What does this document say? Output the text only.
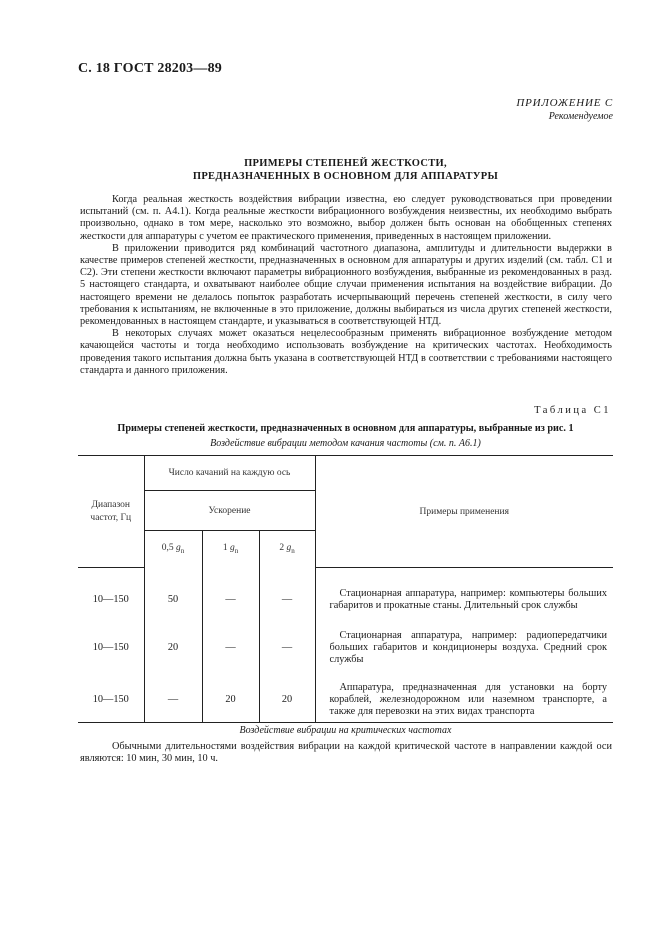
С. 18 ГОСТ 28203—89
ПРИЛОЖЕНИЕ С
Рекомендуемое
ПРИМЕРЫ СТЕПЕНЕЙ ЖЕСТКОСТИ,
ПРЕДНАЗНАЧЕННЫХ В ОСНОВНОМ ДЛЯ АППАРАТУРЫ

Когда реальная жесткость воздействия вибрации известна, ею следует руководствоваться при проведении испытаний (см. п. А4.1). Когда реальные жесткости вибрационного возбуждения неизвестны, их необходимо выбрать произвольно, однако в том мере, насколько это возможно, выбор должен быть основан на обобщенных степенях жесткости для аппаратуры с учетом ее практического применения, приведенных в настоящем приложении.

В приложении приводится ряд комбинаций частотного диапазона, амплитуды и длительности выдержки в качестве примеров степеней жесткости, предназначенных в основном для аппаратуры и других изделий (см. табл. С1 и С2). Эти степени жесткости включают параметры вибрационного возбуждения, выбранные из рекомендованных в разд. 5 настоящего стандарта, и охватывают наиболее общие случаи применения испытания на воздействие вибрации. До настоящего времени не делалось попыток разработать исчерпывающий перечень степеней жесткости, в силу чего требования к испытаниям, не включенные в это приложение, должны выбираться из числа других степеней жесткости, рекомендованных в настоящем стандарте, и указываться в соответствующей НТД.

В некоторых случаях может оказаться нецелесообразным применять вибрационное возбуждение методом качающейся частоты и тогда необходимо использовать возбуждение на критических частотах. Необходимость проведения такого испытания должна быть указана в соответствующей НТД в соответствии с требованиями настоящего стандарта и данного приложения.

Таблица С1
Примеры степеней жесткости, предназначенных в основном для аппаратуры, выбранные из рис. 1
Воздействие вибрации методом качания частоты (см. п. А6.1)
Диапазон частот, Гц	Число качаний на каждую ось			Примеры применения
	Ускорение			
	0,5 $g_n$	1 $g_n$	2 $g_n$
10—150	50	—	—	Стационарная аппаратура, например: компьютеры больших габаритов и прокатные станы. Длительный срок службы

10—150	20	—	—	Стационарная аппаратура, например: радиопередатчики больших габаритов и кондиционеры воздуха. Средний срок службы

10—150	—	20	20	Аппаратура, предназначенная для установки на борту кораблей, железнодорожном или наземном транспорте, а также для перевозки на этих видах транспорта
Воздействие вибрации на критических частотах

Обычными длительностями воздействия вибрации на каждой критической частоте в направлении каждой оси являются: 10 мин, 30 мин, 10 ч.
